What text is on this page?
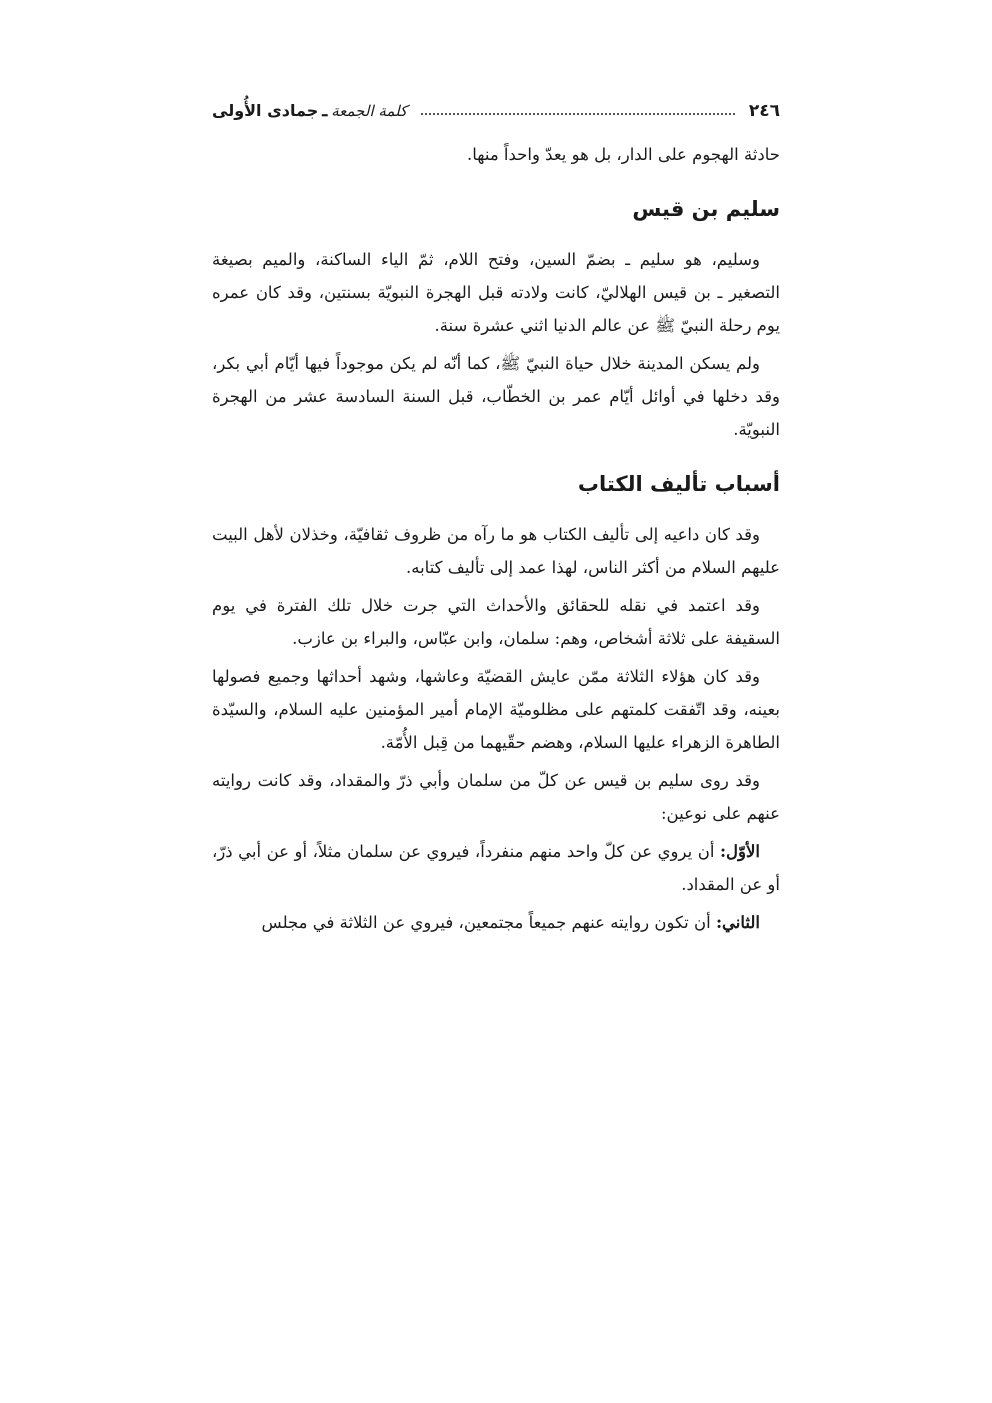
٢٤٦
كلمة الجمعة
ـ
جمادى الأُولى

حادثة الهجوم على الدار، بل هو يعدّ واحداً منها.

سليم بن قيس

وسليم، هو سليم ـ بضمّ السين، وفتح اللام، ثمّ الياء الساكنة، والميم بصيغة التصغير ـ بن قيس الهلاليّ، كانت ولادته قبل الهجرة النبويّة بسنتين، وقد كان عمره يوم رحلة النبيّ ﷺ عن عالم الدنيا اثني عشرة سنة.

ولم يسكن المدينة خلال حياة النبيّ ﷺ، كما أنّه لم يكن موجوداً فيها أيّام أبي بكر، وقد دخلها في أوائل أيّام عمر بن الخطّاب، قبل السنة السادسة عشر من الهجرة النبويّة.

أسباب تأليف الكتاب

وقد كان داعيه إلى تأليف الكتاب هو ما رآه من ظروف ثقافيّة، وخذلان لأهل البيت عليهم السلام من أكثر الناس، لهذا عمد إلى تأليف كتابه.

وقد اعتمد في نقله للحقائق والأحداث التي جرت خلال تلك الفترة في يوم السقيفة على ثلاثة أشخاص، وهم: سلمان، وابن عبّاس، والبراء بن عازب.

وقد كان هؤلاء الثلاثة ممّن عايش القضيّة وعاشها، وشهد أحداثها وجميع فصولها بعينه، وقد اتّفقت كلمتهم على مظلوميّة الإمام أمير المؤمنين عليه السلام، والسيّدة الطاهرة الزهراء عليها السلام، وهضم حقّيهما من قِبل الأُمّة.

وقد روى سليم بن قيس عن كلّ من سلمان وأبي ذرّ والمقداد، وقد كانت روايته عنهم على نوعين:

الأوّل: أن يروي عن كلّ واحد منهم منفرداً، فيروي عن سلمان مثلاً، أو عن أبي ذرّ، أو عن المقداد.

الثاني: أن تكون روايته عنهم جميعاً مجتمعين، فيروي عن الثلاثة في مجلس
